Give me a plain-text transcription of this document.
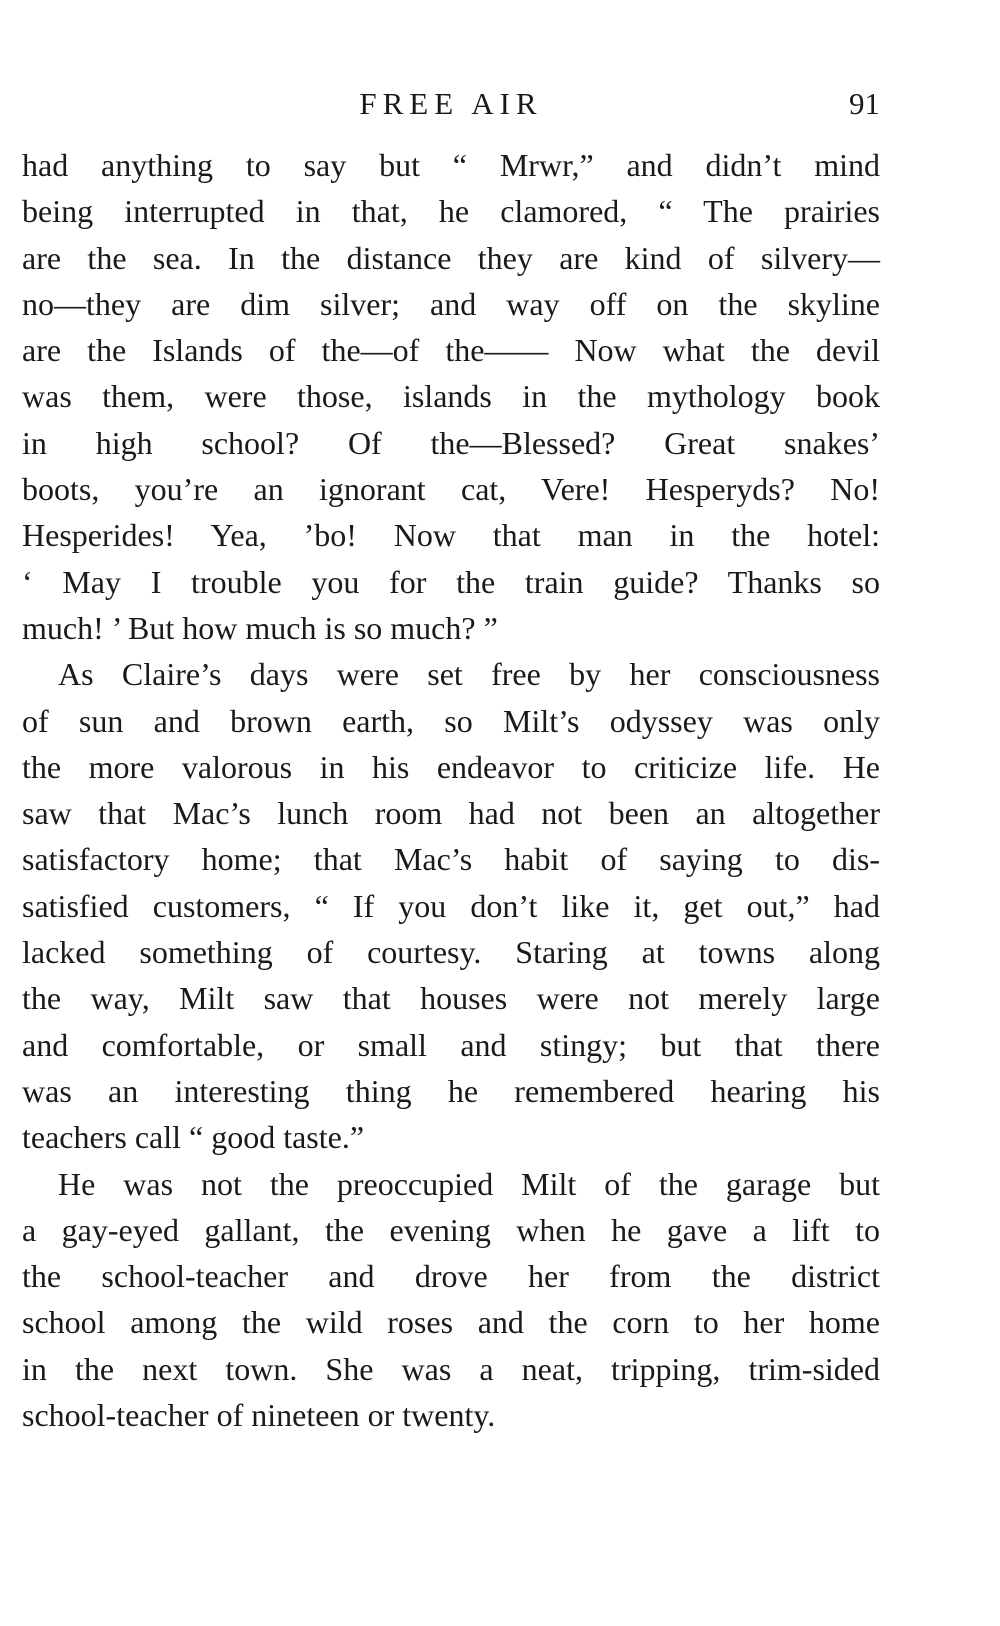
FREE AIR	91
had anything to say but “ Mrwr,” and didn’t mind
being interrupted in that, he clamored, “ The prairies
are the sea. In the distance they are kind of silvery—
no—they are dim silver; and way off on the skyline
are the Islands of the—of the—— Now what the devil
was them, were those, islands in the mythology book
in high school? Of the—Blessed? Great snakes’
boots, you’re an ignorant cat, Vere! Hesperyds? No!
Hesperides! Yea, ’bo! Now that man in the hotel:
‘ May I trouble you for the train guide? Thanks so
much! ’ But how much is so much? ”
As Claire’s days were set free by her consciousness
of sun and brown earth, so Milt’s odyssey was only
the more valorous in his endeavor to criticize life. He
saw that Mac’s lunch room had not been an altogether
satisfactory home; that Mac’s habit of saying to dis-
satisfied customers, “ If you don’t like it, get out,” had
lacked something of courtesy. Staring at towns along
the way, Milt saw that houses were not merely large
and comfortable, or small and stingy; but that there
was an interesting thing he remembered hearing his
teachers call “ good taste.”
He was not the preoccupied Milt of the garage but
a gay-eyed gallant, the evening when he gave a lift to
the school-teacher and drove her from the district
school among the wild roses and the corn to her home
in the next town. She was a neat, tripping, trim-sided
school-teacher of nineteen or twenty.
